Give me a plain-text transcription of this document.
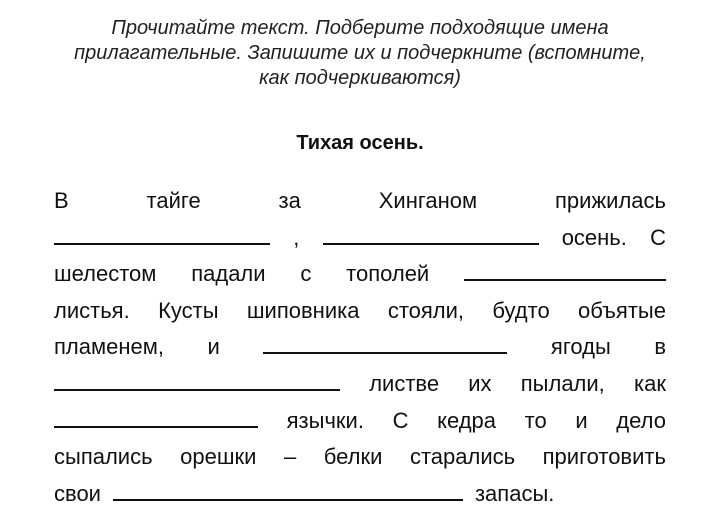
Прочитайте текст. Подберите подходящие имена
прилагательные. Запишите их и подчеркните (вспомните,
как подчеркиваются)
Тихая осень.
В	тайге	за	Хинганом	прижилась
,	осень. С
шелестом падали с тополей
листья. Кусты шиповника стояли, будто объятые
пламенем, и	ягоды в
листве их пылали, как
язычки. С кедра то и дело
сыпались орешки – белки старались приготовить
свои	запасы.
